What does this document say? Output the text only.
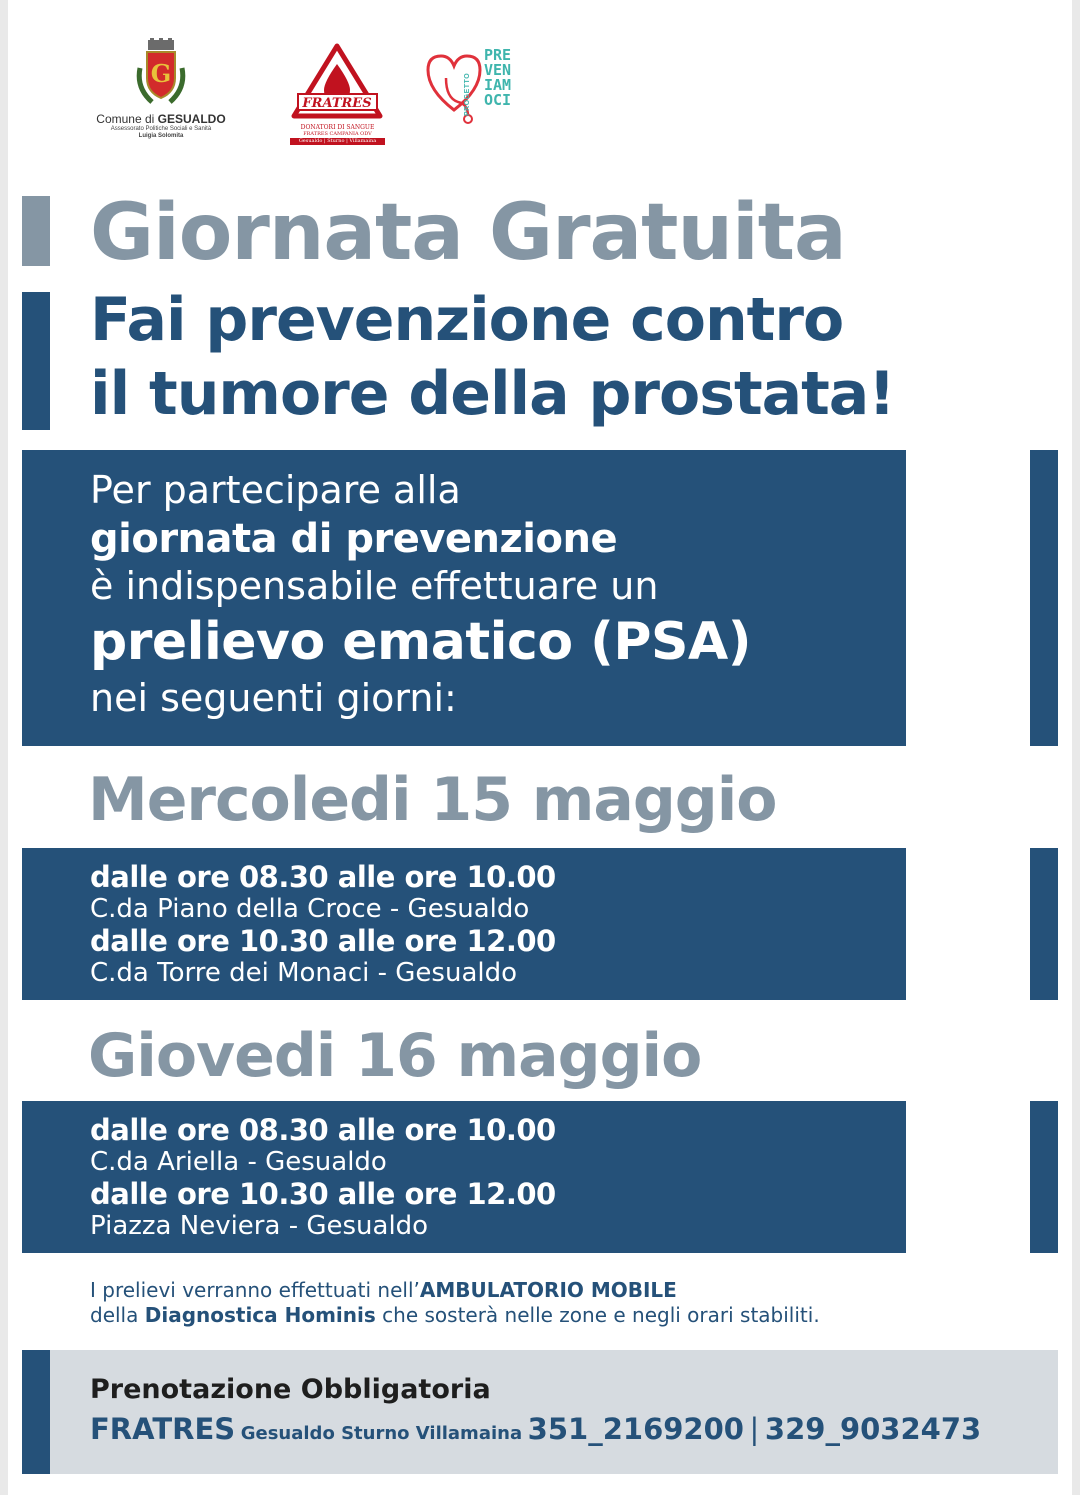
G
Comune di GESUALDO
Assessorato Politiche Sociali e Sanità
Luigia Solomita
FRATRES
DONATORI DI SANGUE
FRATRES CAMPANIA ODV
Gesualdo | Sturno | Villamaina
PRE
VEN
IAM
OCI
PROGETTO
Giornata Gratuita
Fai prevenzione contro
il tumore della prostata!
Per partecipare alla
giornata di prevenzione
è indispensabile effettuare un
prelievo ematico (PSA)
nei seguenti giorni:
Mercoledi 15 maggio
dalle ore 08.30 alle ore 10.00
C.da Piano della Croce - Gesualdo
dalle ore 10.30 alle ore 12.00
C.da Torre dei Monaci - Gesualdo
Giovedi 16 maggio
dalle ore 08.30 alle ore 10.00
C.da Ariella - Gesualdo
dalle ore 10.30 alle ore 12.00
Piazza Neviera - Gesualdo
I prelievi verranno effettuati nell’AMBULATORIO MOBILE
della Diagnostica Hominis che sosterà nelle zone e negli orari stabiliti.
Prenotazione Obbligatoria
FRATRES Gesualdo Sturno Villamaina 351_2169200 | 329_9032473
